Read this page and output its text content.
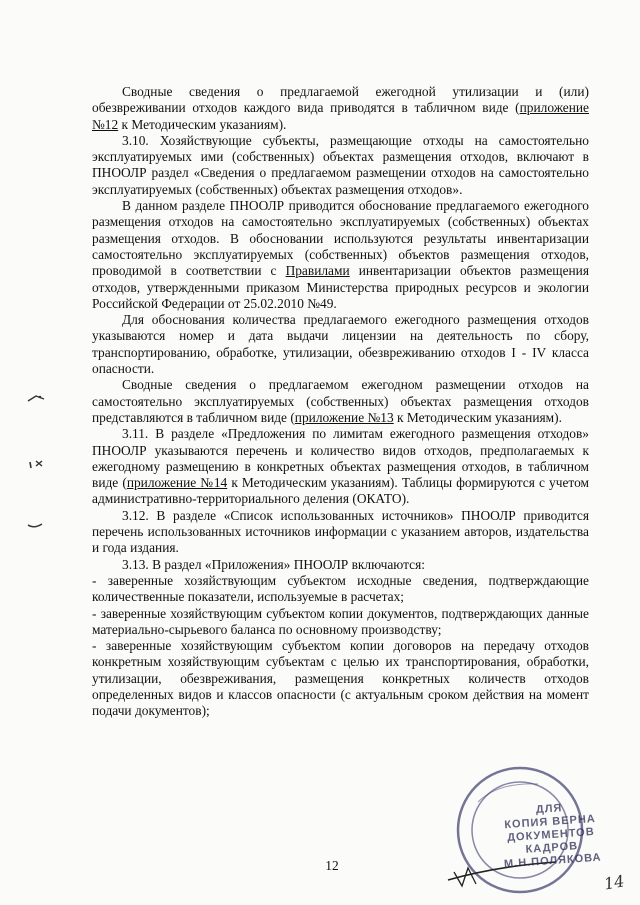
Сводные сведения о предлагаемой ежегодной утилизации и (или) обезвреживании отходов каждого вида приводятся в табличном виде (приложение №12 к Методическим указаниям).

3.10. Хозяйствующие субъекты, размещающие отходы на самостоятельно эксплуатируемых ими (собственных) объектах размещения отходов, включают в ПНООЛР раздел «Сведения о предлагаемом размещении отходов на самостоятельно эксплуатируемых (собственных) объектах размещения отходов».

В данном разделе ПНООЛР приводится обоснование предлагаемого ежегодного размещения отходов на самостоятельно эксплуатируемых (собственных) объектах размещения отходов. В обосновании используются результаты инвентаризации самостоятельно эксплуатируемых (собственных) объектов размещения отходов, проводимой в соответствии с Правилами инвентаризации объектов размещения отходов, утвержденными приказом Министерства природных ресурсов и экологии Российской Федерации от 25.02.2010 №49.

Для обоснования количества предлагаемого ежегодного размещения отходов указываются номер и дата выдачи лицензии на деятельность по сбору, транспортированию, обработке, утилизации, обезвреживанию отходов I - IV класса опасности.

Сводные сведения о предлагаемом ежегодном размещении отходов на самостоятельно эксплуатируемых (собственных) объектах размещения отходов представляются в табличном виде (приложение №13 к Методическим указаниям).

3.11. В разделе «Предложения по лимитам ежегодного размещения отходов» ПНООЛР указываются перечень и количество видов отходов, предполагаемых к ежегодному размещению в конкретных объектах размещения отходов, в табличном виде (приложение №14 к Методическим указаниям). Таблицы формируются с учетом административно-территориального деления (ОКАТО).

3.12. В разделе «Список использованных источников» ПНООЛР приводится перечень использованных источников информации с указанием авторов, издательства и года издания.

3.13. В раздел «Приложения» ПНООЛР включаются:

- заверенные хозяйствующим субъектом исходные сведения, подтверждающие количественные показатели, используемые в расчетах;

- заверенные хозяйствующим субъектом копии документов, подтверждающих данные материально-сырьевого баланса по основному производству;

- заверенные хозяйствующим субъектом копии договоров на передачу отходов конкретным хозяйствующим субъектам с целью их транспортирования, обработки, утилизации, обезвреживания, размещения конкретных количеств отходов определенных видов и классов опасности (с актуальным сроком действия на момент подачи документов);

12
ДЛЯ
КОПИЯ ВЕРНА
ДОКУМЕНТОВ
КАДРОВ
М.Н.ПОЛЯКОВА
14
